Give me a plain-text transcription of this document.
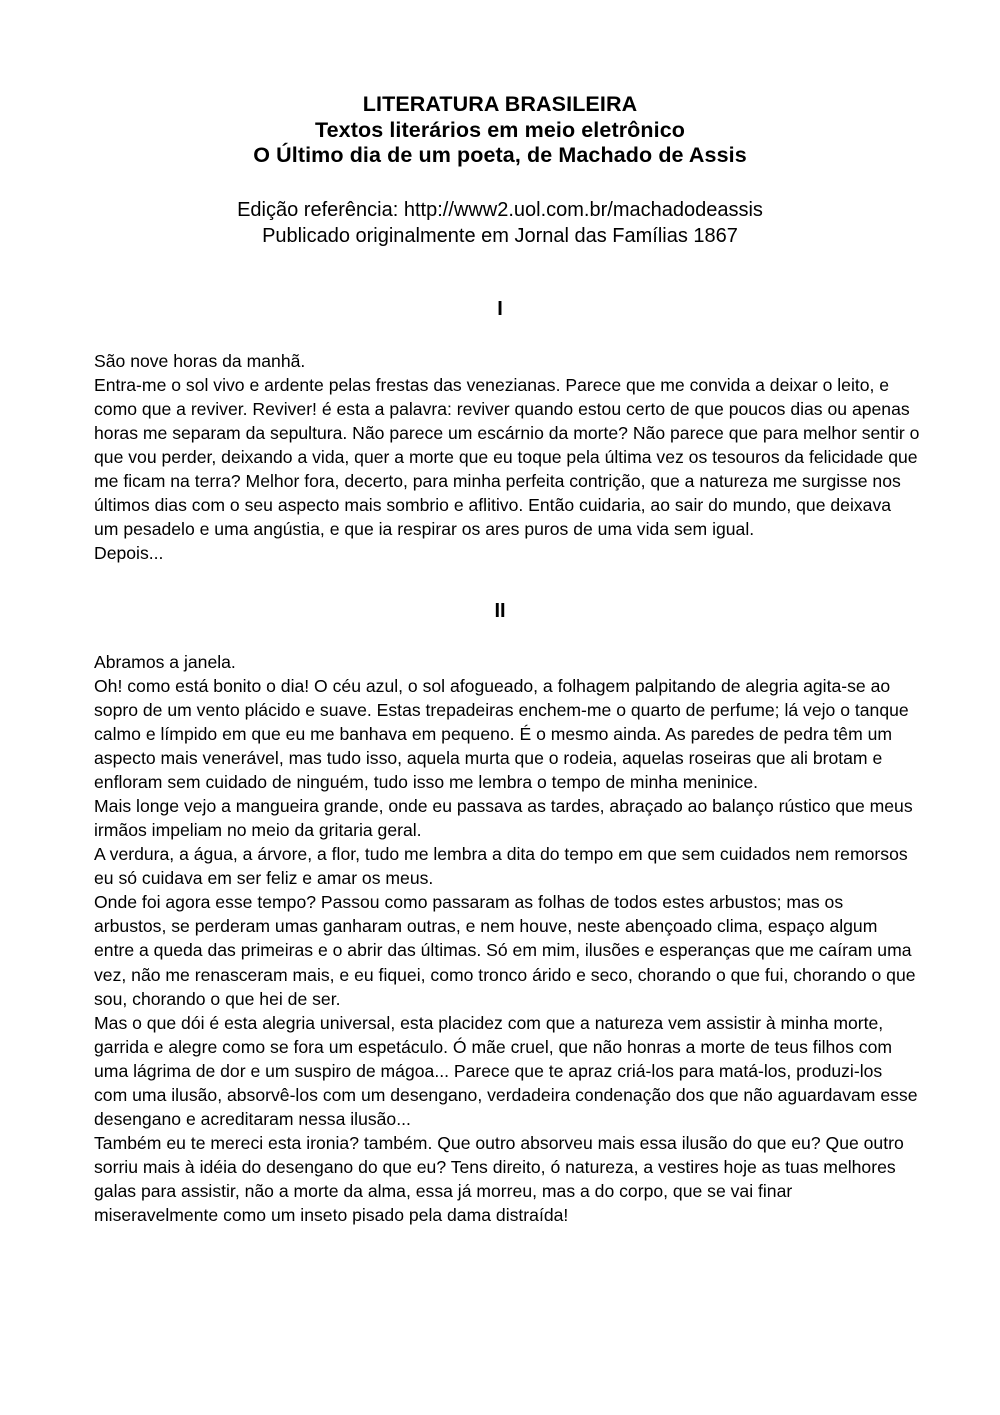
LITERATURA BRASILEIRA
Textos literários em meio eletrônico
O Último dia de um poeta, de Machado de Assis
Edição referência: http://www2.uol.com.br/machadodeassis
Publicado originalmente em Jornal das Famílias 1867
I

São nove horas da manhã.

Entra-me o sol vivo e ardente pelas frestas das venezianas. Parece que me convida a deixar o leito, e como que a reviver. Reviver! é esta a palavra: reviver quando estou certo de que poucos dias ou apenas horas me separam da sepultura. Não parece um escárnio da morte? Não parece que para melhor sentir o que vou perder, deixando a vida, quer a morte que eu toque pela última vez os tesouros da felicidade que me ficam na terra? Melhor fora, decerto, para minha perfeita contrição, que a natureza me surgisse nos últimos dias com o seu aspecto mais sombrio e aflitivo. Então cuidaria, ao sair do mundo, que deixava um pesadelo e uma angústia, e que ia respirar os ares puros de uma vida sem igual.

Depois...

II

Abramos a janela.

Oh! como está bonito o dia! O céu azul, o sol afogueado, a folhagem palpitando de alegria agita-se ao sopro de um vento plácido e suave. Estas trepadeiras enchem-me o quarto de perfume; lá vejo o tanque calmo e límpido em que eu me banhava em pequeno. É o mesmo ainda. As paredes de pedra têm um aspecto mais venerável, mas tudo isso, aquela murta que o rodeia, aquelas roseiras que ali brotam e enfloram sem cuidado de ninguém, tudo isso me lembra o tempo de minha meninice.

Mais longe vejo a mangueira grande, onde eu passava as tardes, abraçado ao balanço rústico que meus irmãos impeliam no meio da gritaria geral.

A verdura, a água, a árvore, a flor, tudo me lembra a dita do tempo em que sem cuidados nem remorsos eu só cuidava em ser feliz e amar os meus.

Onde foi agora esse tempo? Passou como passaram as folhas de todos estes arbustos; mas os arbustos, se perderam umas ganharam outras, e nem houve, neste abençoado clima, espaço algum entre a queda das primeiras e o abrir das últimas. Só em mim, ilusões e esperanças que me caíram uma vez, não me renasceram mais, e eu fiquei, como tronco árido e seco, chorando o que fui, chorando o que sou, chorando o que hei de ser.

Mas o que dói é esta alegria universal, esta placidez com que a natureza vem assistir à minha morte, garrida e alegre como se fora um espetáculo. Ó mãe cruel, que não honras a morte de teus filhos com uma lágrima de dor e um suspiro de mágoa... Parece que te apraz criá-los para matá-los, produzi-los com uma ilusão, absorvê-los com um desengano, verdadeira condenação dos que não aguardavam esse desengano e acreditaram nessa ilusão...

Também eu te mereci esta ironia? também. Que outro absorveu mais essa ilusão do que eu? Que outro sorriu mais à idéia do desengano do que eu? Tens direito, ó natureza, a vestires hoje as tuas melhores galas para assistir, não a morte da alma, essa já morreu, mas a do corpo, que se vai finar miseravelmente como um inseto pisado pela dama distraída!
